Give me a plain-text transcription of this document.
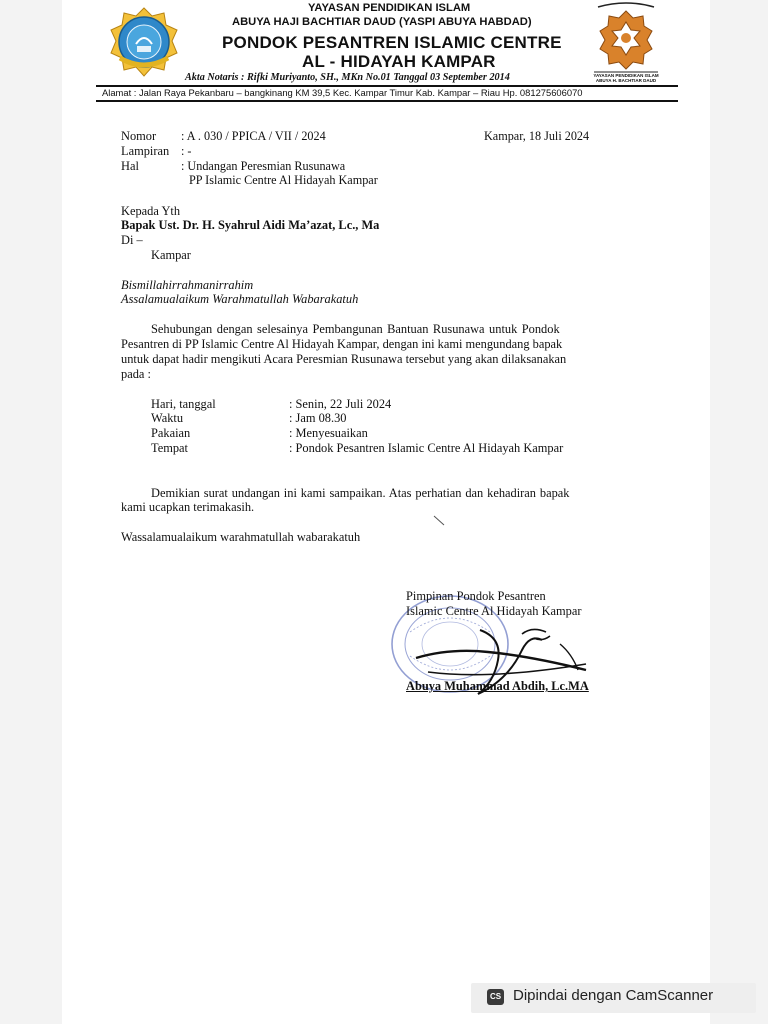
YAYASAN PENDIDIKAN ISLAM ABUYA H. BACHTIAR DAUD
YAYASAN PENDIDIKAN ISLAM
ABUYA HAJI BACHTIAR DAUD (YASPI ABUYA HABDAD)
PONDOK PESANTREN ISLAMIC CENTRE
AL - HIDAYAH KAMPAR
Akta Notaris : Rifki Muriyanto, SH., MKn No.01 Tanggal 03 September 2014
Alamat : Jalan Raya Pekanbaru – bangkinang KM 39,5 Kec. Kampar Timur Kab. Kampar – Riau Hp. 081275606070
Nomor : A . 030 / PPICA / VII / 2024
Lampiran : -
Hal	: Undangan Peresmian Rusunawa
PP Islamic Centre Al Hidayah Kampar
Kampar, 18 Juli 2024
Kepada Yth
Bapak Ust. Dr. H. Syahrul Aidi Ma’azat, Lc., Ma
Di –
Kampar
Bismillahirrahmanirrahim
Assalamualaikum Warahmatullah Wabarakatuh
Sehubungan dengan selesainya Pembangunan Bantuan Rusunawa untuk Pondok
Pesantren di PP Islamic Centre Al Hidayah Kampar, dengan ini kami mengundang bapak
untuk dapat hadir mengikuti Acara Peresmian Rusunawa tersebut yang akan dilaksanakan
pada :
Hari, tanggal	: Senin, 22 Juli 2024
Waktu	: Jam 08.30
Pakaian	: Menyesuaikan
Tempat	: Pondok Pesantren Islamic Centre Al Hidayah Kampar
Demikian surat undangan ini kami sampaikan. Atas perhatian dan kehadiran bapak
kami ucapkan terimakasih.
Wassalamualaikum warahmatullah wabarakatuh
Pimpinan Pondok Pesantren
Islamic Centre Al Hidayah Kampar
Abuya Muhammad Abdih, Lc.MA
CS Dipindai dengan CamScanner
